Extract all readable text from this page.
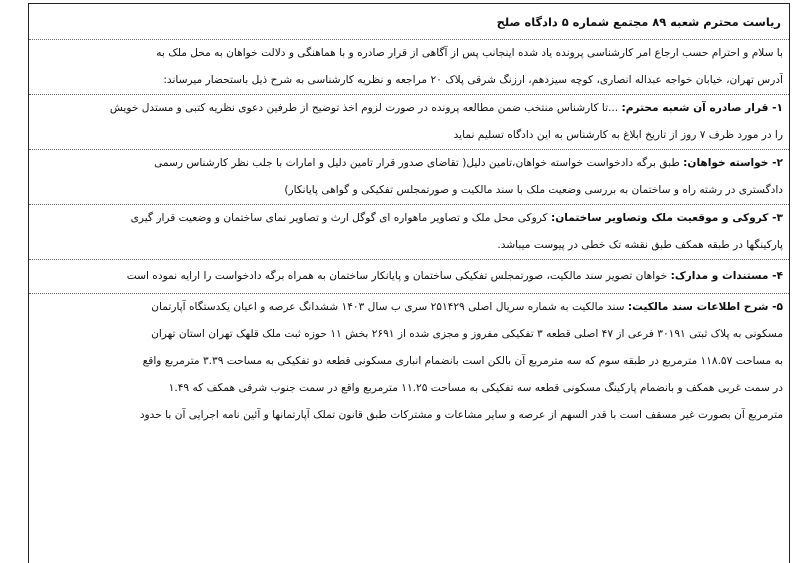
ریاست محترم شعبه ۸۹ مجتمع شماره ۵ دادگاه صلح
با سلام و احترام حسب ارجاع امر کارشناسی پرونده یاد شده اینجانب پس از آگاهی از قرار صادره و با هماهنگی و دلالت خواهان به محل ملک به
آدرس تهران، خیابان خواجه عبداله انصاری، کوچه سیزدهم، ارزنگ شرقی پلاک ۲۰ مراجعه و نظریه کارشناسی به شرح ذیل باستحضار میرساند:
۱- قرار صادره آن شعبه محترم: ...تا کارشناس منتخب ضمن مطالعه پرونده در صورت لزوم اخذ توضیح از طرفین دعوی نظریه کتبی و مستدل خویش
را در مورد ظرف ۷ روز از تاریخ ابلاغ به کارشناس به این دادگاه تسلیم نماید
۲- خواسته خواهان: طبق برگه دادخواست خواسته خواهان،تامین دلیل( تقاضای صدور قرار تامین دلیل و امارات با جلب نظر کارشناس رسمی
دادگستری در رشته راه و ساختمان به بررسی وضعیت ملک با سند مالکیت و صورتمجلس تفکیکی و گواهی پایانکار)
۳- کروکی و موقعیت ملک وتصاویر ساختمان: کروکی محل ملک و تصاویر ماهواره ای گوگل ارث و تصاویر نمای ساختمان و وضعیت قرار گیری
پارکینگها در طبقه همکف طبق نقشه تک خطی در پیوست میباشد.
۴- مستندات و مدارک: خواهان تصویر سند مالکیت، صورتمجلس تفکیکی ساختمان و پایانکار ساختمان به همراه برگه دادخواست را ارایه نموده است
۵- شرح اطلاعات سند مالکیت: سند مالکیت به شماره سریال اصلی ۲۵۱۴۲۹ سری ب سال ۱۴۰۳ ششدانگ عرصه و اعیان یکدستگاه آپارتمان
مسکونی به پلاک ثبتی ۳۰۱۹۱ فرعی از ۴۷ اصلی قطعه ۳ تفکیکی مفروز و مجزی شده از ۲۶۹۱ بخش ۱۱ حوزه ثبت ملک قلهک تهران استان تهران
به مساحت ۱۱۸.۵۷ مترمربع در طبقه سوم که سه مترمربع آن بالکن است بانضمام انباری مسکونی قطعه دو تفکیکی به مساحت ۳.۳۹ مترمربع واقع
در سمت غربی همکف و بانضمام پارکینگ مسکونی قطعه سه تفکیکی به مساحت ۱۱.۲۵ مترمربع واقع در سمت جنوب شرقی همکف که ۱.۴۹
مترمربع آن بصورت غیر مسقف است با قدر السهم از عرصه و سایر مشاعات و مشترکات طبق قانون تملک آپارتمانها و آئین نامه اجرایی آن با حدود
